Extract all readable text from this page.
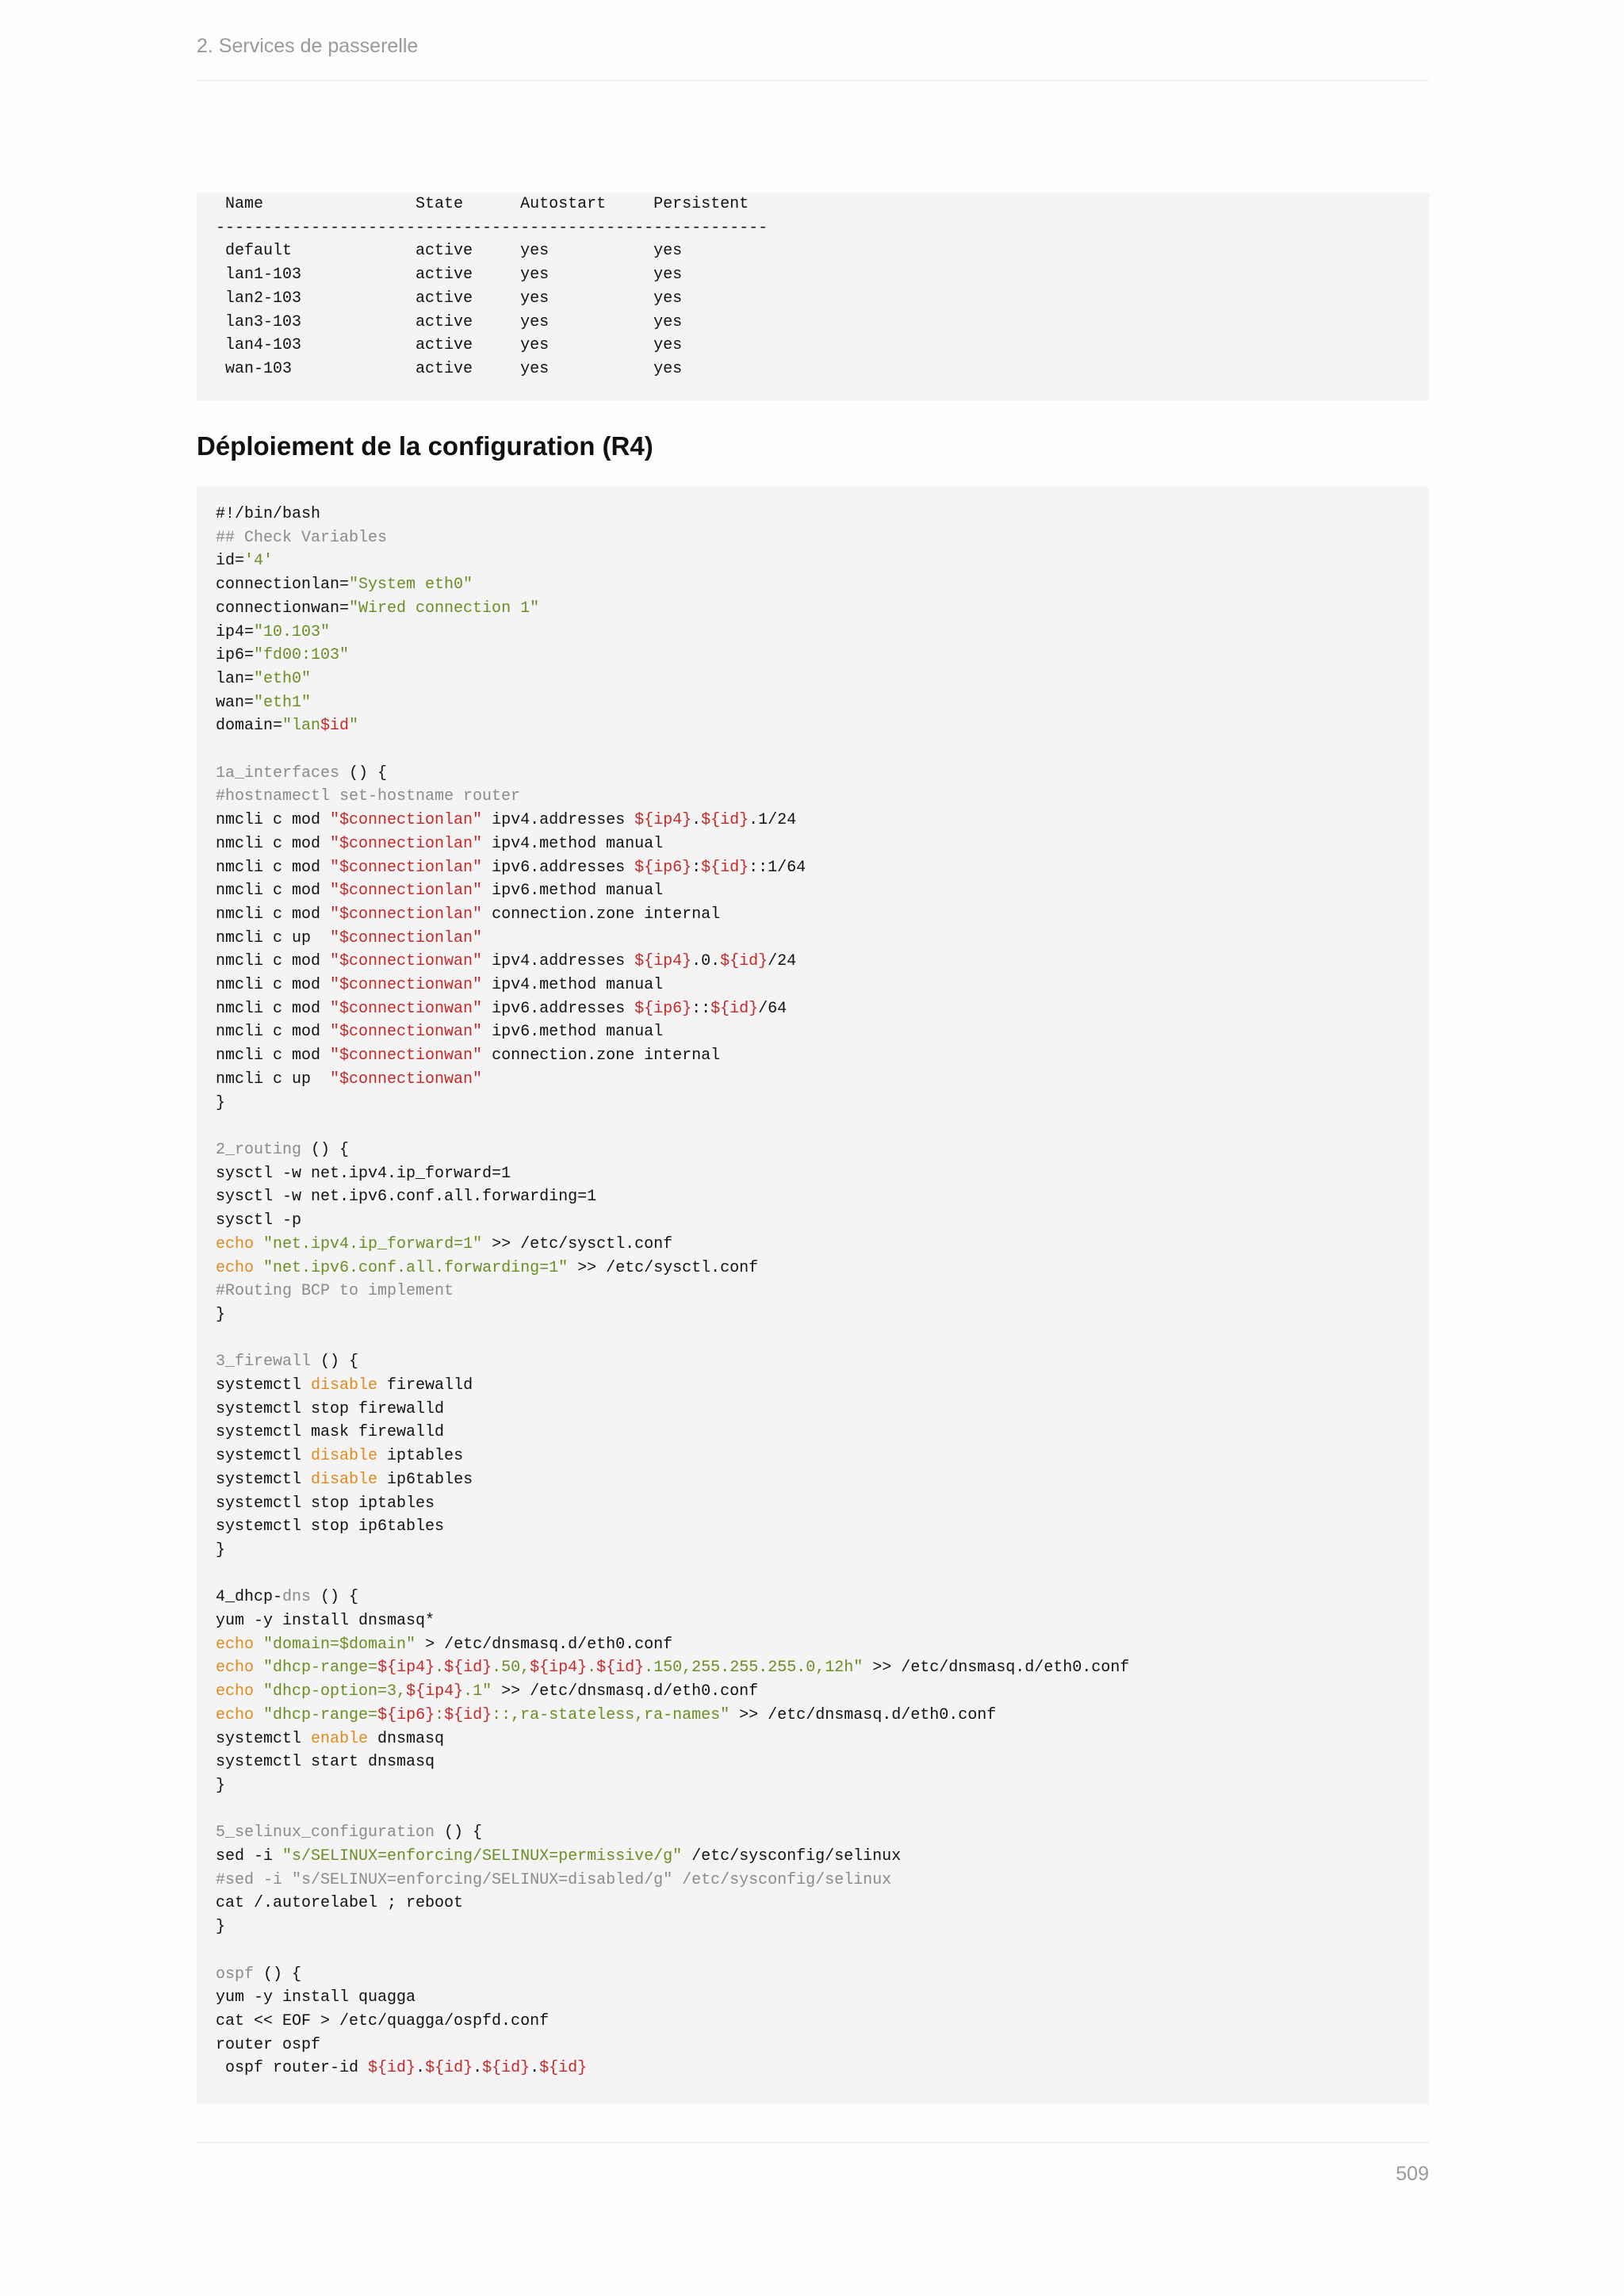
2. Services de passerelle
Name                State      Autostart     Persistent
----------------------------------------------------------
default             active     yes           yes
lan1-103            active     yes           yes
lan2-103            active     yes           yes
lan3-103            active     yes           yes
lan4-103            active     yes           yes
wan-103             active     yes           yes
Déploiement de la configuration (R4)
#!/bin/bash
## Check Variables
id='4'
connectionlan="System eth0"
connectionwan="Wired connection 1"
ip4="10.103"
ip6="fd00:103"
lan="eth0"
wan="eth1"
domain="lan$id"

1a_interfaces () {
#hostnamectl set-hostname router
nmcli c mod "$connectionlan" ipv4.addresses ${ip4}.${id}.1/24
nmcli c mod "$connectionlan" ipv4.method manual
nmcli c mod "$connectionlan" ipv6.addresses ${ip6}:${id}::1/64
nmcli c mod "$connectionlan" ipv6.method manual
nmcli c mod "$connectionlan" connection.zone internal
nmcli c up  "$connectionlan"
nmcli c mod "$connectionwan" ipv4.addresses ${ip4}.0.${id}/24
nmcli c mod "$connectionwan" ipv4.method manual
nmcli c mod "$connectionwan" ipv6.addresses ${ip6}::${id}/64
nmcli c mod "$connectionwan" ipv6.method manual
nmcli c mod "$connectionwan" connection.zone internal
nmcli c up  "$connectionwan"
}

2_routing () {
sysctl -w net.ipv4.ip_forward=1
sysctl -w net.ipv6.conf.all.forwarding=1
sysctl -p
echo "net.ipv4.ip_forward=1" >> /etc/sysctl.conf
echo "net.ipv6.conf.all.forwarding=1" >> /etc/sysctl.conf
#Routing BCP to implement
}

3_firewall () {
systemctl disable firewalld
systemctl stop firewalld
systemctl mask firewalld
systemctl disable iptables
systemctl disable ip6tables
systemctl stop iptables
systemctl stop ip6tables
}

4_dhcp-dns () {
yum -y install dnsmasq*
echo "domain=$domain" > /etc/dnsmasq.d/eth0.conf
echo "dhcp-range=${ip4}.${id}.50,${ip4}.${id}.150,255.255.255.0,12h" >> /etc/dnsmasq.d/eth0.conf
echo "dhcp-option=3,${ip4}.1" >> /etc/dnsmasq.d/eth0.conf
echo "dhcp-range=${ip6}:${id}::,ra-stateless,ra-names" >> /etc/dnsmasq.d/eth0.conf
systemctl enable dnsmasq
systemctl start dnsmasq
}

5_selinux_configuration () {
sed -i "s/SELINUX=enforcing/SELINUX=permissive/g" /etc/sysconfig/selinux
#sed -i "s/SELINUX=enforcing/SELINUX=disabled/g" /etc/sysconfig/selinux
cat /.autorelabel ; reboot
}

ospf () {
yum -y install quagga
cat << EOF > /etc/quagga/ospfd.conf
router ospf
ospf router-id ${id}.${id}.${id}.${id}
509
